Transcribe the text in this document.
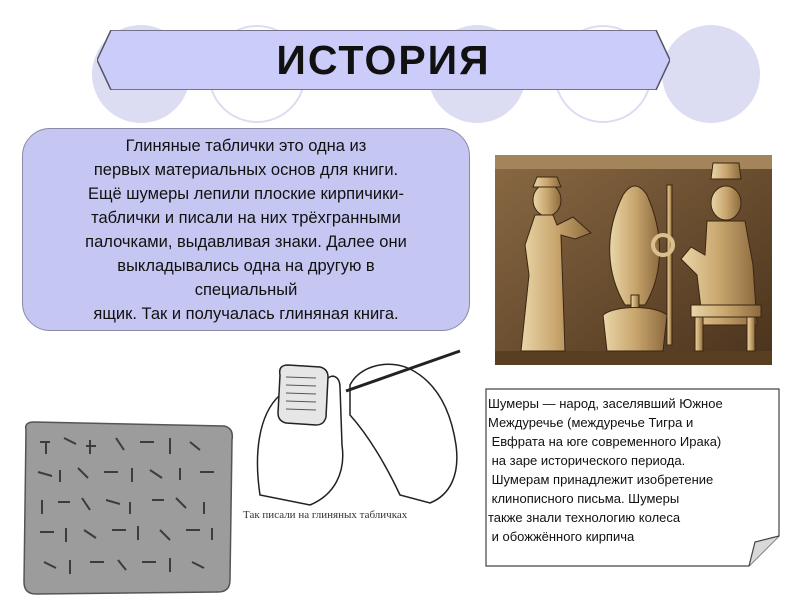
ИСТОРИЯ
Глиняные таблички это одна из
первых материальных основ для книги.
Ещё шумеры лепили плоские кирпичики-
таблички и писали на них трёхгранными
палочками, выдавливая знаки. Далее они
выкладывались одна на другую в
специальный
ящик. Так и получалась глиняная книга.
Так писали на глиняных табличках
Шумеры — народ, заселявший Южное
Междуречье (междуречье Тигра и
Евфрата на юге современного Ирака)
на заре исторического периода.
Шумерам принадлежит изобретение
клинописного письма. Шумеры
также знали технологию колеса
и обожжённого кирпича
